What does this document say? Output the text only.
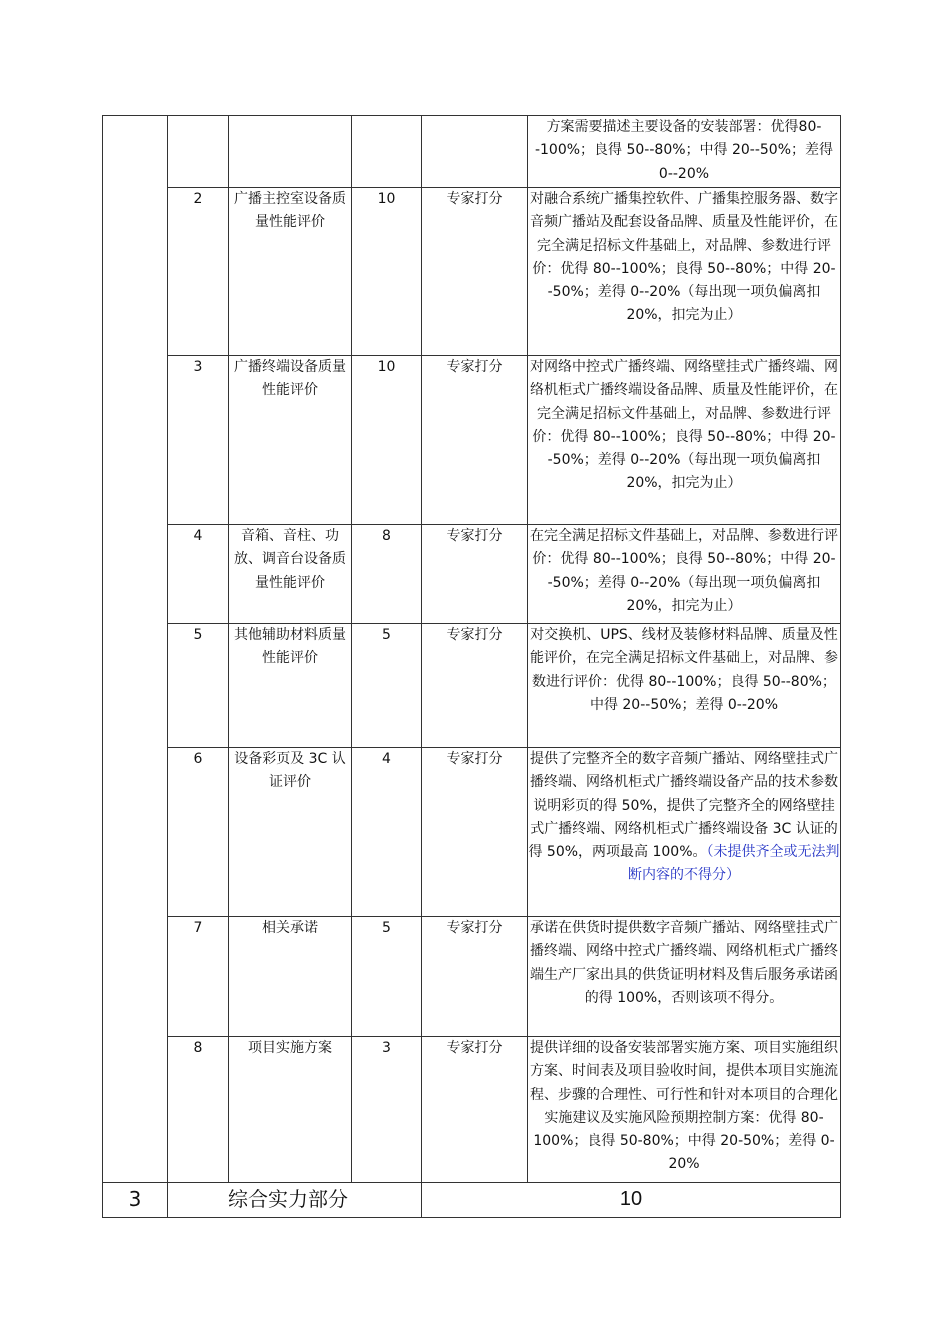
					方案需要描述主要设备的安装部署：优得80--100%；良得 50--80%；中得 20--50%；差得 0--20%
	2	广播主控室设备质量性能评价	10	专家打分	对融合系统广播集控软件、广播集控服务器、数字音频广播站及配套设备品牌、质量及性能评价，在完全满足招标文件基础上，对品牌、参数进行评价：优得 80--100%；良得 50--80%；中得 20--50%；差得 0--20%（每出现一项负偏离扣 20%，扣完为止）
	3	广播终端设备质量性能评价	10	专家打分	对网络中控式广播终端、网络壁挂式广播终端、网络机柜式广播终端设备品牌、质量及性能评价，在完全满足招标文件基础上，对品牌、参数进行评价：优得 80--100%；良得 50--80%；中得 20--50%；差得 0--20%（每出现一项负偏离扣 20%，扣完为止）
	4	音箱、音柱、功放、调音台设备质量性能评价	8	专家打分	在完全满足招标文件基础上，对品牌、参数进行评价：优得 80--100%；良得 50--80%；中得 20--50%；差得 0--20%（每出现一项负偏离扣 20%，扣完为止）
	5	其他辅助材料质量性能评价	5	专家打分	对交换机、UPS、线材及装修材料品牌、质量及性能评价，在完全满足招标文件基础上，对品牌、参数进行评价：优得 80--100%；良得 50--80%；中得 20--50%；差得 0--20%
	6	设备彩页及 3C 认证评价	4	专家打分	提供了完整齐全的数字音频广播站、网络壁挂式广播终端、网络机柜式广播终端设备产品的技术参数说明彩页的得 50%，提供了完整齐全的网络壁挂式广播终端、网络机柜式广播终端设备 3C 认证的得 50%，两项最高 100%。（未提供齐全或无法判断内容的不得分）
	7	相关承诺	5	专家打分	承诺在供货时提供数字音频广播站、网络壁挂式广播终端、网络中控式广播终端、网络机柜式广播终端生产厂家出具的供货证明材料及售后服务承诺函的得 100%，否则该项不得分。
	8	项目实施方案	3	专家打分	提供详细的设备安装部署实施方案、项目实施组织方案、时间表及项目验收时间，提供本项目实施流程、步骤的合理性、可行性和针对本项目的合理化实施建议及实施风险预期控制方案：优得 80-100%；良得 50-80%；中得 20-50%；差得 0-20%

3	综合实力部分			10	
